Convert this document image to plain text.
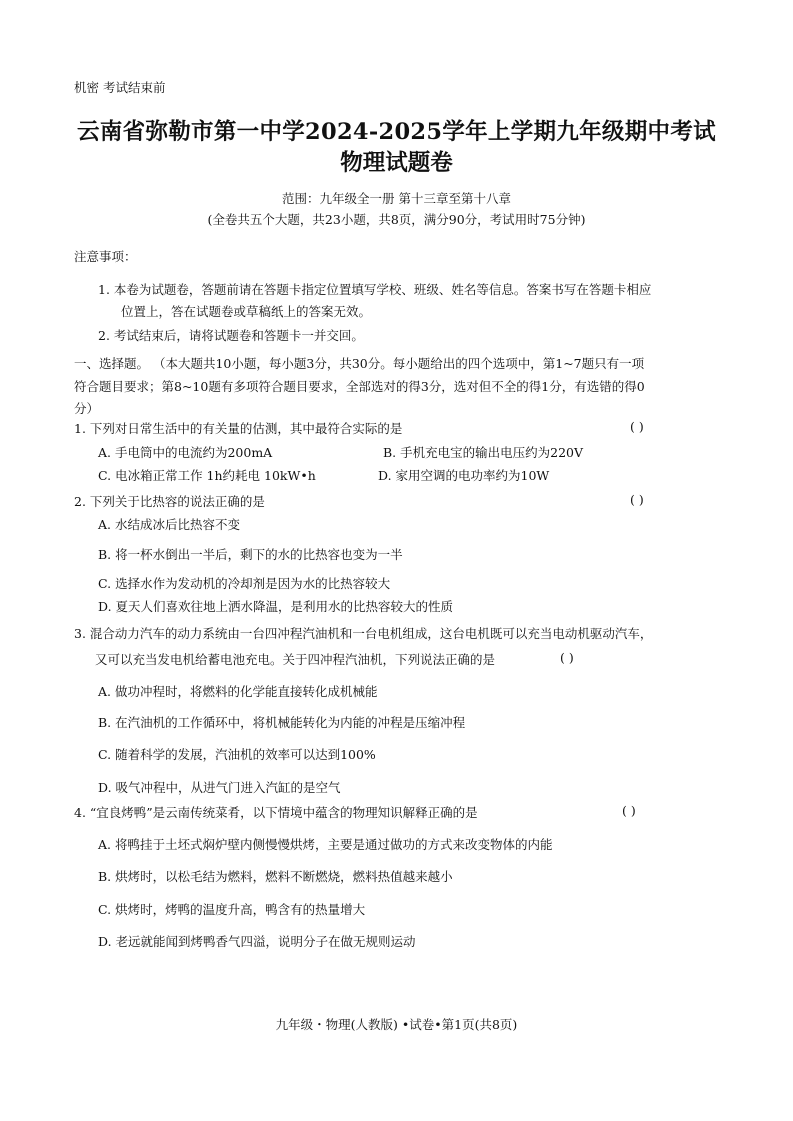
机密 考试结束前
云南省弥勒市第一中学2024-2025学年上学期九年级期中考试
物理试题卷
范围：九年级全一册 第十三章至第十八章
(全卷共五个大题，共23小题，共8页，满分90分，考试用时75分钟)
注意事项：
1. 本卷为试题卷，答题前请在答题卡指定位置填写学校、班级、姓名等信息。答案书写在答题卡相应
位置上，答在试题卷或草稿纸上的答案无效。
2. 考试结束后，请将试题卷和答题卡一并交回。
一、选择题。 （本大题共10小题，每小题3分，共30分。每小题给出的四个选项中，第1~7题只有一项
符合题目要求；第8~10题有多项符合题目要求，全部选对的得3分，选对但不全的得1分，有选错的得0
分）
1. 下列对日常生活中的有关量的估测，其中最符合实际的是	( )
A. 手电筒中的电流约为200mA	B. 手机充电宝的输出电压约为220V
C. 电冰箱正常工作 1h约耗电 10kW•h	D. 家用空调的电功率约为10W
2. 下列关于比热容的说法正确的是	( )
A. 水结成冰后比热容不变
B. 将一杯水倒出一半后，剩下的水的比热容也变为一半
C. 选择水作为发动机的冷却剂是因为水的比热容较大
D. 夏天人们喜欢往地上洒水降温，是利用水的比热容较大的性质
3. 混合动力汽车的动力系统由一台四冲程汽油机和一台电机组成，这台电机既可以充当电动机驱动汽车，
又可以充当发电机给蓄电池充电。关于四冲程汽油机，下列说法正确的是	( )
A. 做功冲程时，将燃料的化学能直接转化成机械能
B. 在汽油机的工作循环中，将机械能转化为内能的冲程是压缩冲程
C. 随着科学的发展，汽油机的效率可以达到100%
D. 吸气冲程中，从进气门进入汽缸的是空气
4. “宜良烤鸭”是云南传统菜肴，以下情境中蕴含的物理知识解释正确的是	( )
A. 将鸭挂于土坯式焖炉壁内侧慢慢烘烤，主要是通过做功的方式来改变物体的内能
B. 烘烤时，以松毛结为燃料，燃料不断燃烧，燃料热值越来越小
C. 烘烤时，烤鸭的温度升高，鸭含有的热量增大
D. 老远就能闻到烤鸭香气四溢，说明分子在做无规则运动
九年级・物理(人教版) •试卷•第1页(共8页)
